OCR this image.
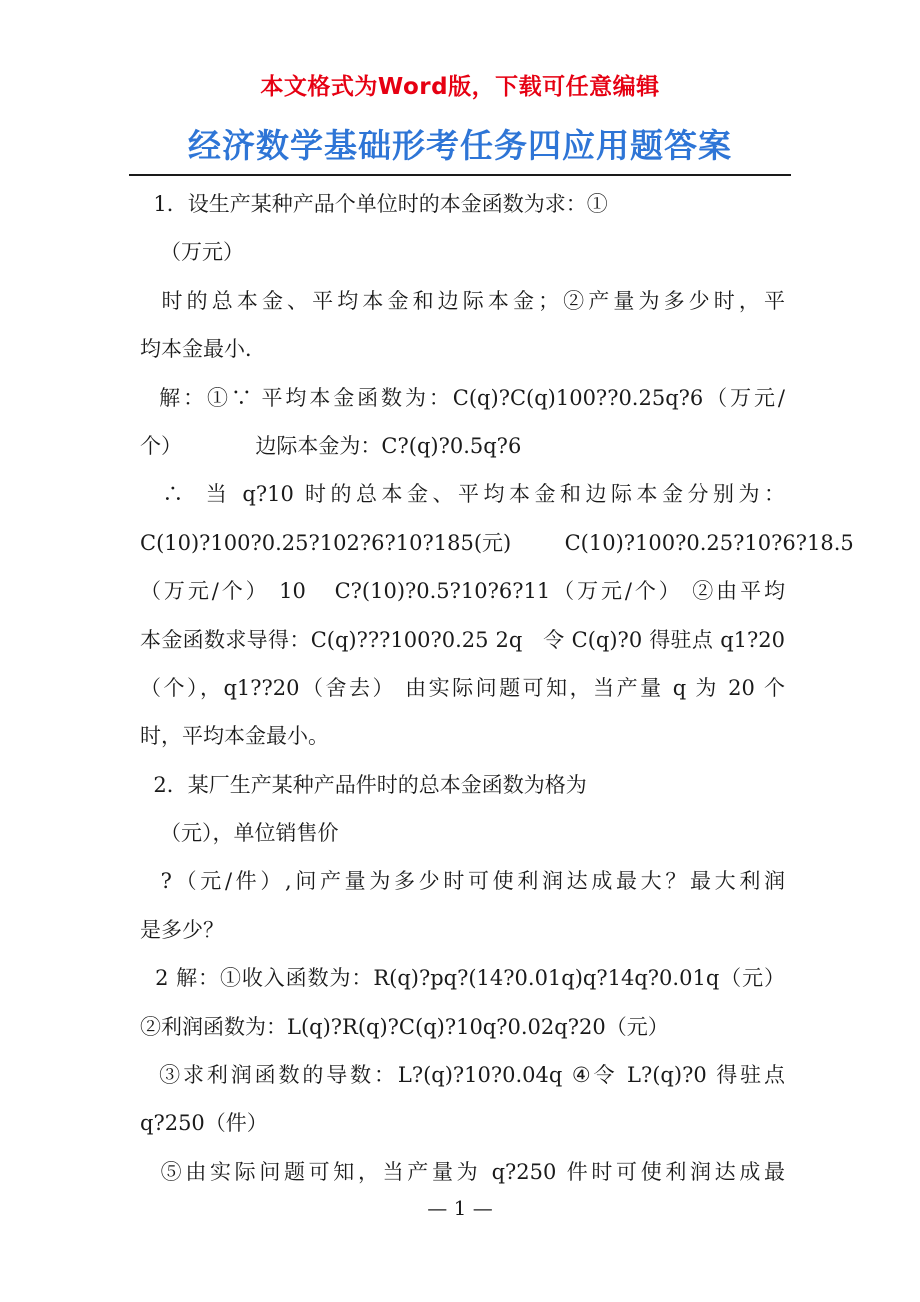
本文格式为Word版，下载可任意编辑
经济数学基础形考任务四应用题答案
1．设生产某种产品个单位时的本金函数为求：①
（万元）
时的总本金、平均本金和边际本金；②产量为多少时，平
均本金最小．
解：①∵ 平均本金函数为：C(q)?C(q)100??0.25q?6（万元/
个）           边际本金为：C?(q)?0.5q?6
∴  当 q?10 时的总本金、平均本金和边际本金分别为：
C(10)?100?0.25?102?6?10?185(元)        C(10)?100?0.25?10?6?18.5
（万元/个） 10   C?(10)?0.5?10?6?11（万元/个） ②由平均
本金函数求导得：C(q)???100?0.25 2q   令 C(q)?0 得驻点 q1?20
（个），q1??20（舍去） 由实际问题可知，当产量 q 为 20 个
时，平均本金最小。
2．某厂生产某种产品件时的总本金函数为格为
（元），单位销售价
?（元/件）,问产量为多少时可使利润达成最大？最大利润
是多少？
2 解：①收入函数为：R(q)?pq?(14?0.01q)q?14q?0.01q（元）
②利润函数为：L(q)?R(q)?C(q)?10q?0.02q?20（元）
③求利润函数的导数：L?(q)?10?0.04q ④令 L?(q)?0 得驻点
q?250（件）
⑤由实际问题可知，当产量为 q?250 件时可使利润达成最
— 1 —
